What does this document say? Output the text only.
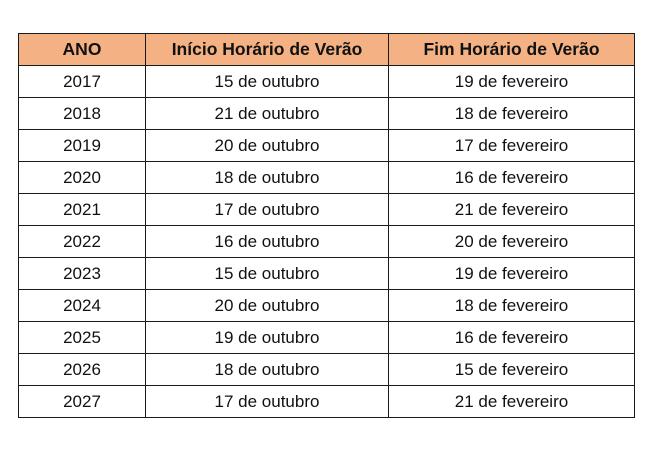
ANO	Início Horário de Verão	Fim Horário de Verão
2017	15 de outubro	19 de fevereiro
2018	21 de outubro	18 de fevereiro
2019	20 de outubro	17 de fevereiro
2020	18 de outubro	16 de fevereiro
2021	17 de outubro	21 de fevereiro
2022	16 de outubro	20 de fevereiro
2023	15 de outubro	19 de fevereiro
2024	20 de outubro	18 de fevereiro
2025	19 de outubro	16 de fevereiro
2026	18 de outubro	15 de fevereiro
2027	17 de outubro	21 de fevereiro
